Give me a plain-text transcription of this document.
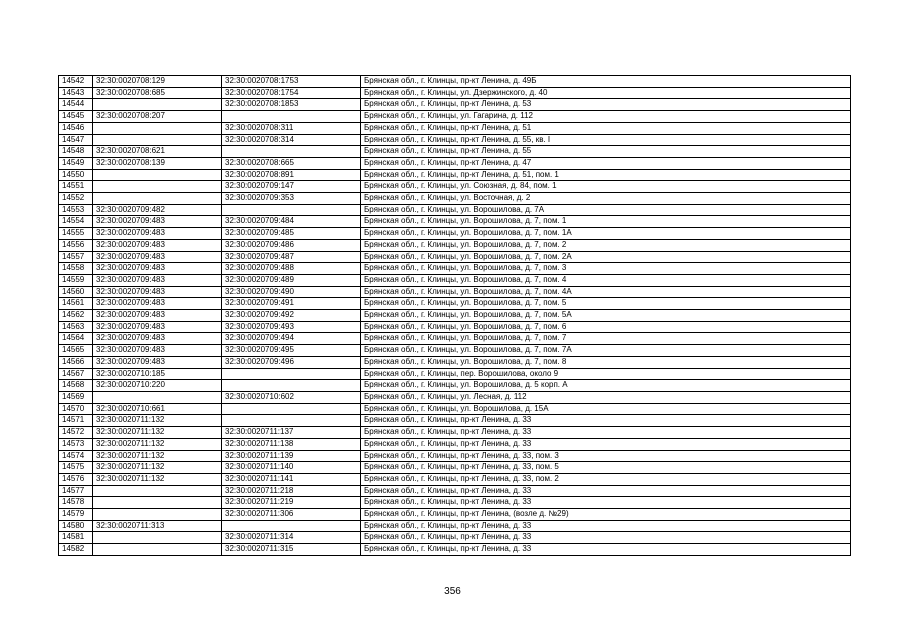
14542	32:30:0020708:129	32:30:0020708:1753	Брянская обл., г. Клинцы, пр-кт Ленина, д. 49Б
14543	32:30:0020708:685	32:30:0020708:1754	Брянская обл., г. Клинцы, ул. Дзержинского, д. 40
14544		32:30:0020708:1853	Брянская обл., г. Клинцы, пр-кт Ленина, д. 53
14545	32:30:0020708:207		Брянская обл., г. Клинцы, ул. Гагарина, д. 112
14546		32:30:0020708:311	Брянская обл., г. Клинцы, пр-кт Ленина, д. 51
14547		32:30:0020708:314	Брянская обл., г. Клинцы, пр-кт Ленина, д. 55, кв. I
14548	32:30:0020708:621		Брянская обл., г. Клинцы, пр-кт Ленина, д. 55
14549	32:30:0020708:139	32:30:0020708:665	Брянская обл., г. Клинцы, пр-кт Ленина, д. 47
14550		32:30:0020708:891	Брянская обл., г. Клинцы, пр-кт Ленина, д. 51, пом. 1
14551		32:30:0020709:147	Брянская обл., г. Клинцы, ул. Союзная, д. 84, пом. 1
14552		32:30:0020709:353	Брянская обл., г. Клинцы, ул. Восточная, д. 2
14553	32:30:0020709:482		Брянская обл., г. Клинцы, ул. Ворошилова, д. 7А
14554	32:30:0020709:483	32:30:0020709:484	Брянская обл., г. Клинцы, ул. Ворошилова, д. 7, пом. 1
14555	32:30:0020709:483	32:30:0020709:485	Брянская обл., г. Клинцы, ул. Ворошилова, д. 7, пом. 1А
14556	32:30:0020709:483	32:30:0020709:486	Брянская обл., г. Клинцы, ул. Ворошилова, д. 7, пом. 2
14557	32:30:0020709:483	32:30:0020709:487	Брянская обл., г. Клинцы, ул. Ворошилова, д. 7, пом. 2А
14558	32:30:0020709:483	32:30:0020709:488	Брянская обл., г. Клинцы, ул. Ворошилова, д. 7, пом. 3
14559	32:30:0020709:483	32:30:0020709:489	Брянская обл., г. Клинцы, ул. Ворошилова, д. 7, пом. 4
14560	32:30:0020709:483	32:30:0020709:490	Брянская обл., г. Клинцы, ул. Ворошилова, д. 7, пом. 4А
14561	32:30:0020709:483	32:30:0020709:491	Брянская обл., г. Клинцы, ул. Ворошилова, д. 7, пом. 5
14562	32:30:0020709:483	32:30:0020709:492	Брянская обл., г. Клинцы, ул. Ворошилова, д. 7, пом. 5А
14563	32:30:0020709:483	32:30:0020709:493	Брянская обл., г. Клинцы, ул. Ворошилова, д. 7, пом. 6
14564	32:30:0020709:483	32:30:0020709:494	Брянская обл., г. Клинцы, ул. Ворошилова, д. 7, пом. 7
14565	32:30:0020709:483	32:30:0020709:495	Брянская обл., г. Клинцы, ул. Ворошилова, д. 7, пом. 7А
14566	32:30:0020709:483	32:30:0020709:496	Брянская обл., г. Клинцы, ул. Ворошилова, д. 7, пом. 8
14567	32:30:0020710:185		Брянская обл., г. Клинцы, пер. Ворошилова, около 9
14568	32:30:0020710:220		Брянская обл., г. Клинцы, ул. Ворошилова, д. 5 корп. А
14569		32:30:0020710:602	Брянская обл., г. Клинцы, ул. Лесная, д. 112
14570	32:30:0020710:661		Брянская обл., г. Клинцы, ул. Ворошилова, д. 15А
14571	32:30:0020711:132		Брянская обл., г. Клинцы, пр-кт Ленина, д. 33
14572	32:30:0020711:132	32:30:0020711:137	Брянская обл., г. Клинцы, пр-кт Ленина, д. 33
14573	32:30:0020711:132	32:30:0020711:138	Брянская обл., г. Клинцы, пр-кт Ленина, д. 33
14574	32:30:0020711:132	32:30:0020711:139	Брянская обл., г. Клинцы, пр-кт Ленина, д. 33, пом. 3
14575	32:30:0020711:132	32:30:0020711:140	Брянская обл., г. Клинцы, пр-кт Ленина, д. 33, пом. 5
14576	32:30:0020711:132	32:30:0020711:141	Брянская обл., г. Клинцы, пр-кт Ленина, д. 33, пом. 2
14577		32:30:0020711:218	Брянская обл., г. Клинцы, пр-кт Ленина, д. 33
14578		32:30:0020711:219	Брянская обл., г. Клинцы, пр-кт Ленина, д. 33
14579		32:30:0020711:306	Брянская обл., г. Клинцы, пр-кт Ленина, (возле д. №29)
14580	32:30:0020711:313		Брянская обл., г. Клинцы, пр-кт Ленина, д. 33
14581		32:30:0020711:314	Брянская обл., г. Клинцы, пр-кт Ленина, д. 33
14582		32:30:0020711:315	Брянская обл., г. Клинцы, пр-кт Ленина, д. 33
356
